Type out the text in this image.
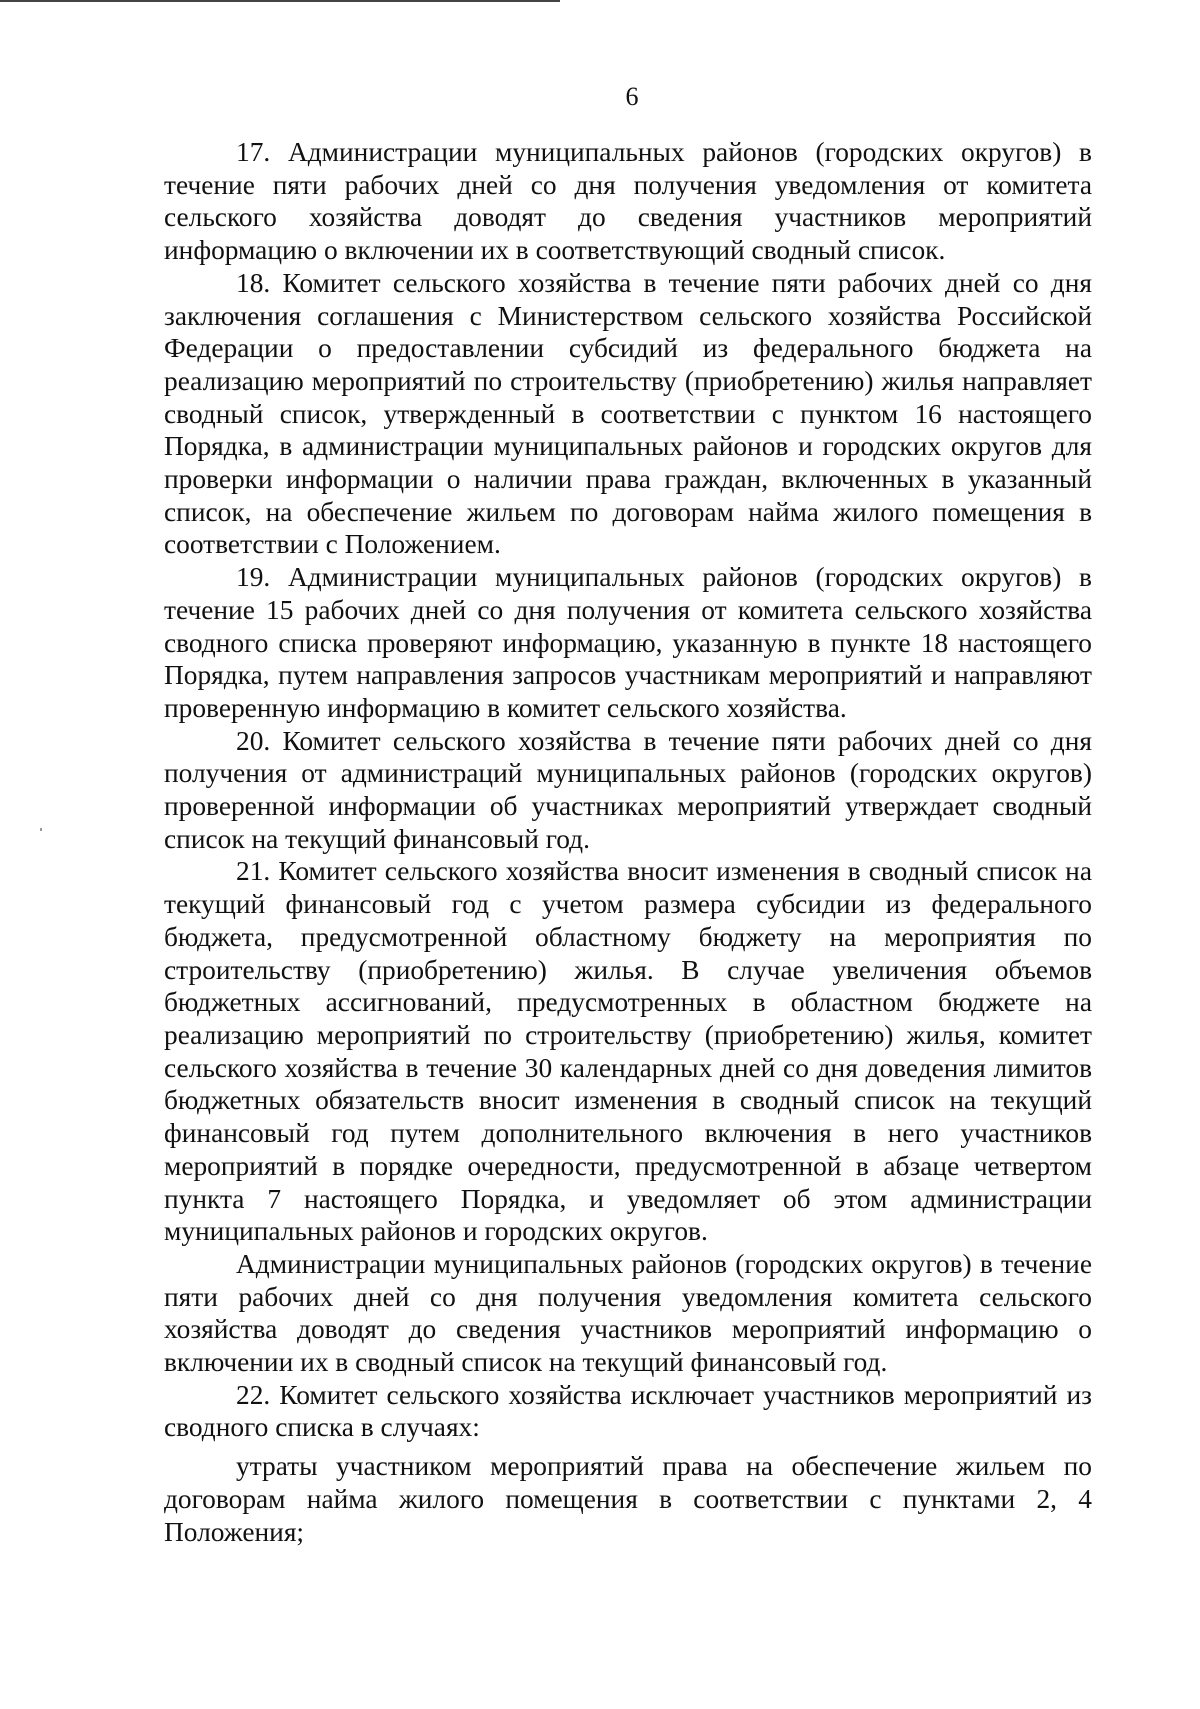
6

17. Администрации муниципальных районов (городских округов) в течение пяти рабочих дней со дня получения уведомления от комитета сельского хозяйства доводят до сведения участников мероприятий информацию о включении их в соответствующий сводный список.

18. Комитет сельского хозяйства в течение пяти рабочих дней со дня заключения соглашения с Министерством сельского хозяйства Российской Федерации о предоставлении субсидий из федерального бюджета на реализацию мероприятий по строительству (приобретению) жилья направляет сводный список, утвержденный в соответствии с пунктом 16 настоящего Порядка, в администрации муниципальных районов и городских округов для проверки информации о наличии права граждан, включенных в указанный список, на обеспечение жильем по договорам найма жилого помещения в соответствии с Положением.

19. Администрации муниципальных районов (городских округов) в течение 15 рабочих дней со дня получения от комитета сельского хозяйства сводного списка проверяют информацию, указанную в пункте 18 настоящего Порядка, путем направления запросов участникам мероприятий и направляют проверенную информацию в комитет сельского хозяйства.

20. Комитет сельского хозяйства в течение пяти рабочих дней со дня получения от администраций муниципальных районов (городских округов) проверенной информации об участниках мероприятий утверждает сводный список на текущий финансовый год.

21. Комитет сельского хозяйства вносит изменения в сводный список на текущий финансовый год с учетом размера субсидии из федерального бюджета, предусмотренной областному бюджету на мероприятия по строительству (приобретению) жилья. В случае увеличения объемов бюджетных ассигнований, предусмотренных в областном бюджете на реализацию мероприятий по строительству (приобретению) жилья, комитет сельского хозяйства в течение 30 календарных дней со дня доведения лимитов бюджетных обязательств вносит изменения в сводный список на текущий финансовый год путем дополнительного включения в него участников мероприятий в порядке очередности, предусмотренной в абзаце четвертом пункта 7 настоящего Порядка, и уведомляет об этом администрации муниципальных районов и городских округов.

Администрации муниципальных районов (городских округов) в течение пяти рабочих дней со дня получения уведомления комитета сельского хозяйства доводят до сведения участников мероприятий информацию о включении их в сводный список на текущий финансовый год.

22. Комитет сельского хозяйства исключает участников мероприятий из сводного списка в случаях:

утраты участником мероприятий права на обеспечение жильем по договорам найма жилого помещения в соответствии с пунктами 2, 4 Положения;
